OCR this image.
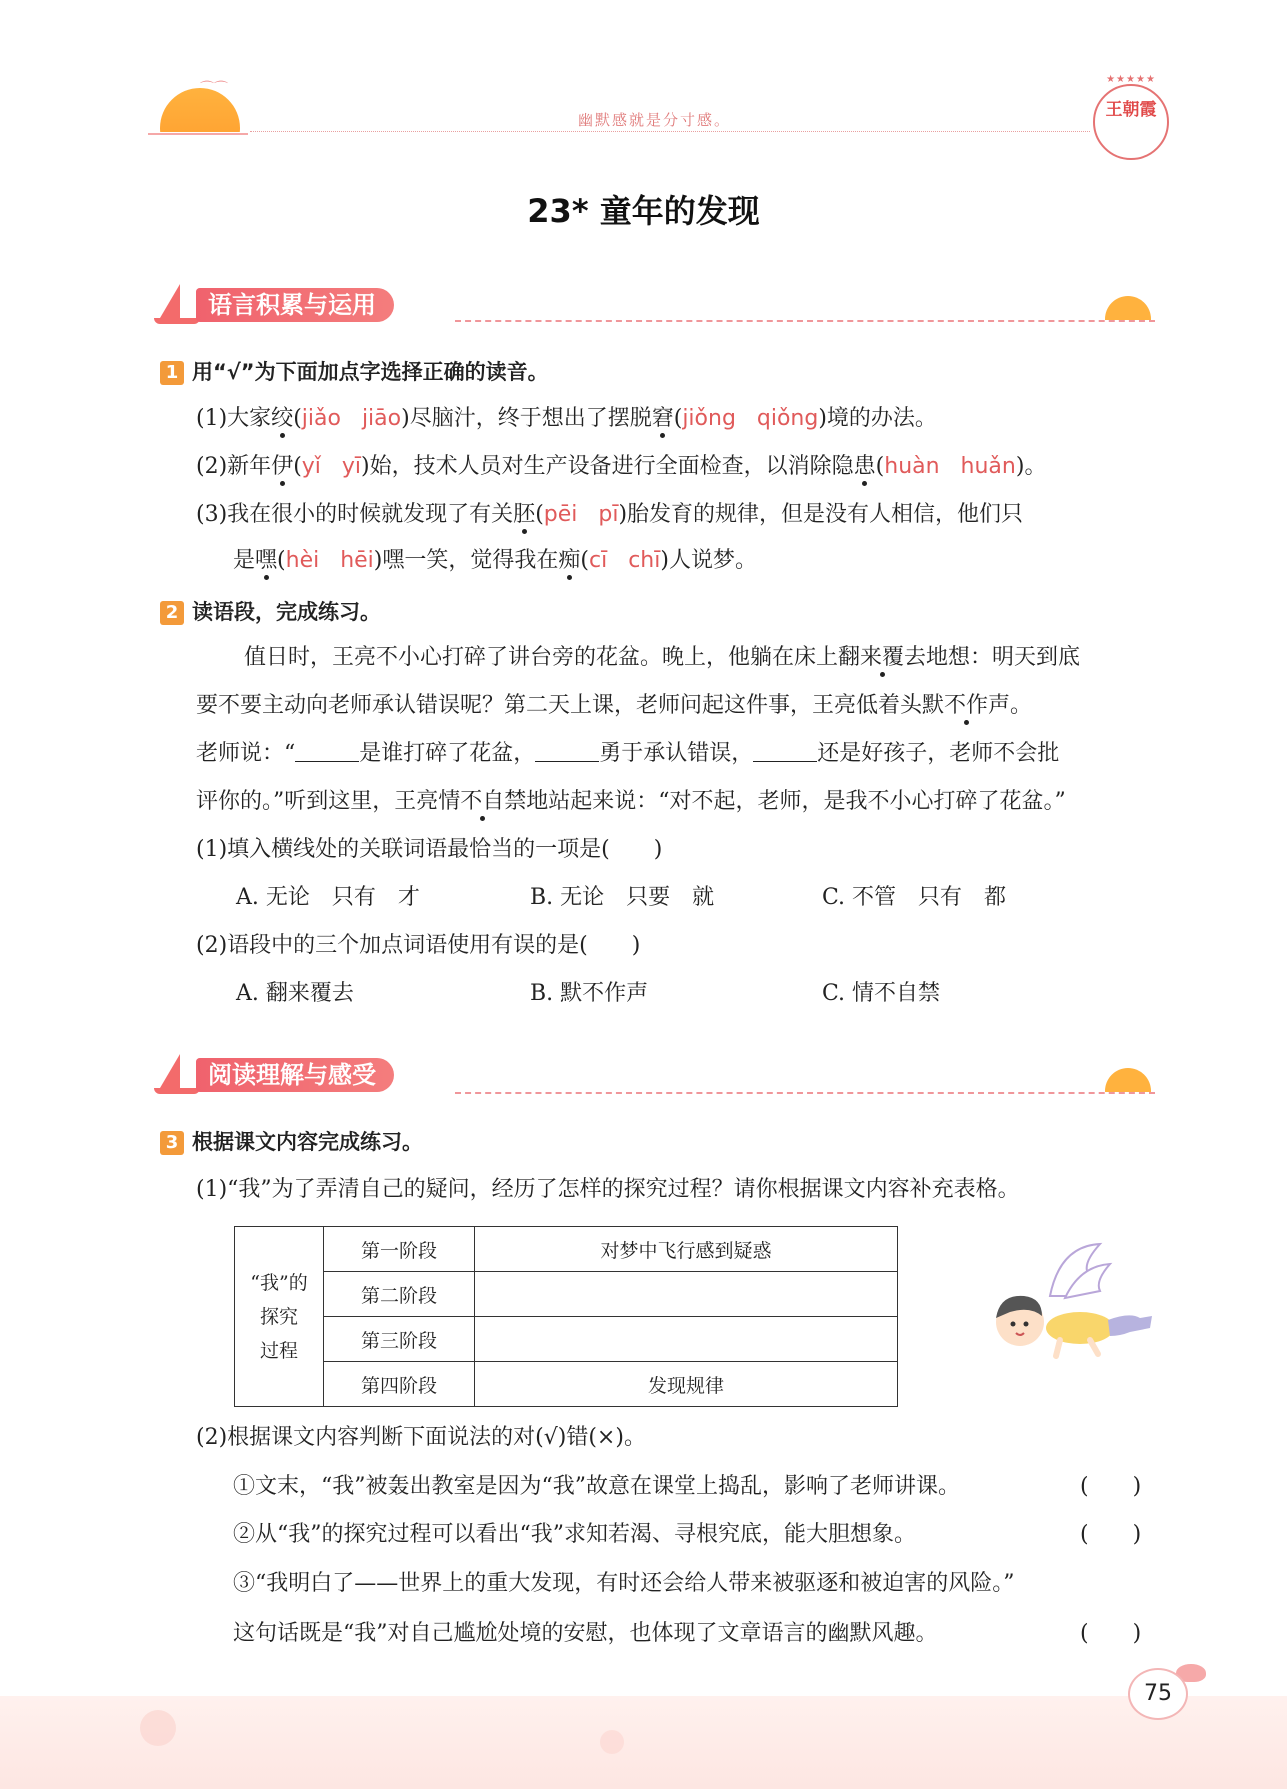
⌒⌒
幽默感就是分寸感。
★★★★★
王朝霞
23* 童年的发现
语言积累与运用
1 用“√”为下面加点字选择正确的读音。
(1)大家绞(jiǎo jiāo)尽脑汁，终于想出了摆脱窘(jiǒng qiǒng)境的办法。
(2)新年伊(yǐ yī)始，技术人员对生产设备进行全面检查，以消除隐患(huàn huǎn)。
(3)我在很小的时候就发现了有关胚(pēi pī)胎发育的规律，但是没有人相信，他们只
是嘿(hèi hēi)嘿一笑，觉得我在痴(cī chī)人说梦。
2 读语段，完成练习。
值日时，王亮不小心打碎了讲台旁的花盆。晚上，他躺在床上翻来覆去地想：明天到底
要不要主动向老师承认错误呢？第二天上课，老师问起这件事，王亮低着头默不作声。
老师说：“	是谁打碎了花盆，	勇于承认错误，	还是好孩子，老师不会批
评你的。”听到这里，王亮情不自禁地站起来说：“对不起，老师，是我不小心打碎了花盆。”
(1)填入横线处的关联词语最恰当的一项是(　　)
A. 无论　只有　才	B. 无论　只要　就	C. 不管　只有　都
(2)语段中的三个加点词语使用有误的是(　　)
A. 翻来覆去	B. 默不作声	C. 情不自禁
阅读理解与感受
3 根据课文内容完成练习。
(1)“我”为了弄清自己的疑问，经历了怎样的探究过程？请你根据课文内容补充表格。
“我”的
探究
过程	第一阶段	对梦中飞行感到疑惑
	第二阶段	
	第三阶段	
	第四阶段	发现规律
(2)根据课文内容判断下面说法的对(√)错(×)。
①文末，“我”被轰出教室是因为“我”故意在课堂上捣乱，影响了老师讲课。	(　　)
②从“我”的探究过程可以看出“我”求知若渴、寻根究底，能大胆想象。	(　　)
③“我明白了——世界上的重大发现，有时还会给人带来被驱逐和被迫害的风险。”
这句话既是“我”对自己尴尬处境的安慰，也体现了文章语言的幽默风趣。	(　　)
75
